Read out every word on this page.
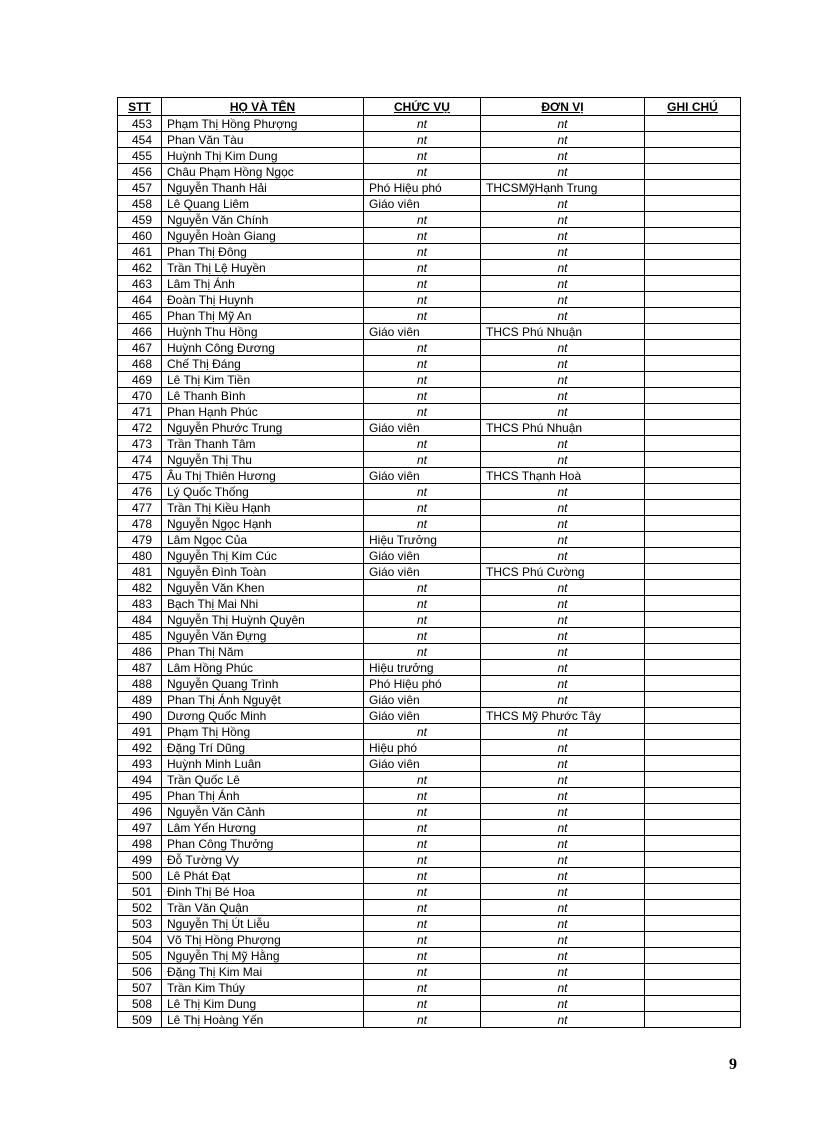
STT	HỌ VÀ TÊN	CHỨC VỤ	ĐƠN VỊ	GHI CHÚ
453	Phạm Thị Hồng Phượng	nt	nt	
454	Phan Văn Tàu	nt	nt	
455	Huỳnh Thị Kim Dung	nt	nt	
456	Châu Phạm Hồng Ngọc	nt	nt	
457	Nguyễn Thanh Hải	Phó Hiệu phó	THCSMỹHạnh Trung	
458	Lê Quang Liêm	Giáo viên	nt	
459	Nguyễn Văn Chính	nt	nt	
460	Nguyễn Hoàn Giang	nt	nt	
461	Phan Thị Đông	nt	nt	
462	Trần Thị Lệ Huyền	nt	nt	
463	Lâm Thị Ánh	nt	nt	
464	Đoàn Thị Huynh	nt	nt	
465	Phan Thị Mỹ An	nt	nt	
466	Huỳnh Thu Hồng	Giáo viên	THCS Phú Nhuận	
467	Huỳnh Công Đương	nt	nt	
468	Chế Thị Đáng	nt	nt	
469	Lê Thị Kim Tiền	nt	nt	
470	Lê Thanh Bình	nt	nt	
471	Phan Hạnh Phúc	nt	nt	
472	Nguyễn Phước Trung	Giáo viên	THCS Phú Nhuận	
473	Trần Thanh Tâm	nt	nt	
474	Nguyễn Thị Thu	nt	nt	
475	Âu Thị Thiên Hương	Giáo viên	THCS Thạnh Hoà	
476	Lý Quốc Thống	nt	nt	
477	Trần Thị Kiều Hạnh	nt	nt	
478	Nguyễn Ngọc Hạnh	nt	nt	
479	Lâm Ngọc Của	Hiệu Trưởng	nt	
480	Nguyễn Thị Kim Cúc	Giáo viên	nt	
481	Nguyễn Đình Toàn	Giáo viên	THCS Phú Cường	
482	Nguyễn Văn Khen	nt	nt	
483	Bạch Thị Mai Nhi	nt	nt	
484	Nguyễn Thị Huỳnh Quyên	nt	nt	
485	Nguyễn Văn Đựng	nt	nt	
486	Phan Thị Năm	nt	nt	
487	Lâm Hồng Phúc	Hiệu trưởng	nt	
488	Nguyễn Quang Trình	Phó Hiệu phó	nt	
489	Phan Thị Ánh Nguyệt	Giáo viên	nt	
490	Dương Quốc Minh	Giáo viên	THCS Mỹ Phước Tây	
491	Phạm Thị Hồng	nt	nt	
492	Đặng Trí Dũng	Hiệu phó	nt	
493	Huỳnh Minh Luân	Giáo viên	nt	
494	Trần Quốc Lê	nt	nt	
495	Phan Thị Ánh	nt	nt	
496	Nguyễn Văn Cảnh	nt	nt	
497	Lâm Yến Hương	nt	nt	
498	Phan Công Thưởng	nt	nt	
499	Đỗ Tường Vy	nt	nt	
500	Lê Phát Đạt	nt	nt	
501	Đinh Thị Bé Hoa	nt	nt	
502	Trần Văn Quận	nt	nt	
503	Nguyễn Thị Út Liễu	nt	nt	
504	Võ Thị Hồng Phượng	nt	nt	
505	Nguyễn Thị Mỹ Hằng	nt	nt	
506	Đặng Thị Kim Mai	nt	nt	
507	Trần Kim Thúy	nt	nt	
508	Lê Thị Kim Dung	nt	nt	
509	Lê Thị Hoàng Yến	nt	nt	
9
